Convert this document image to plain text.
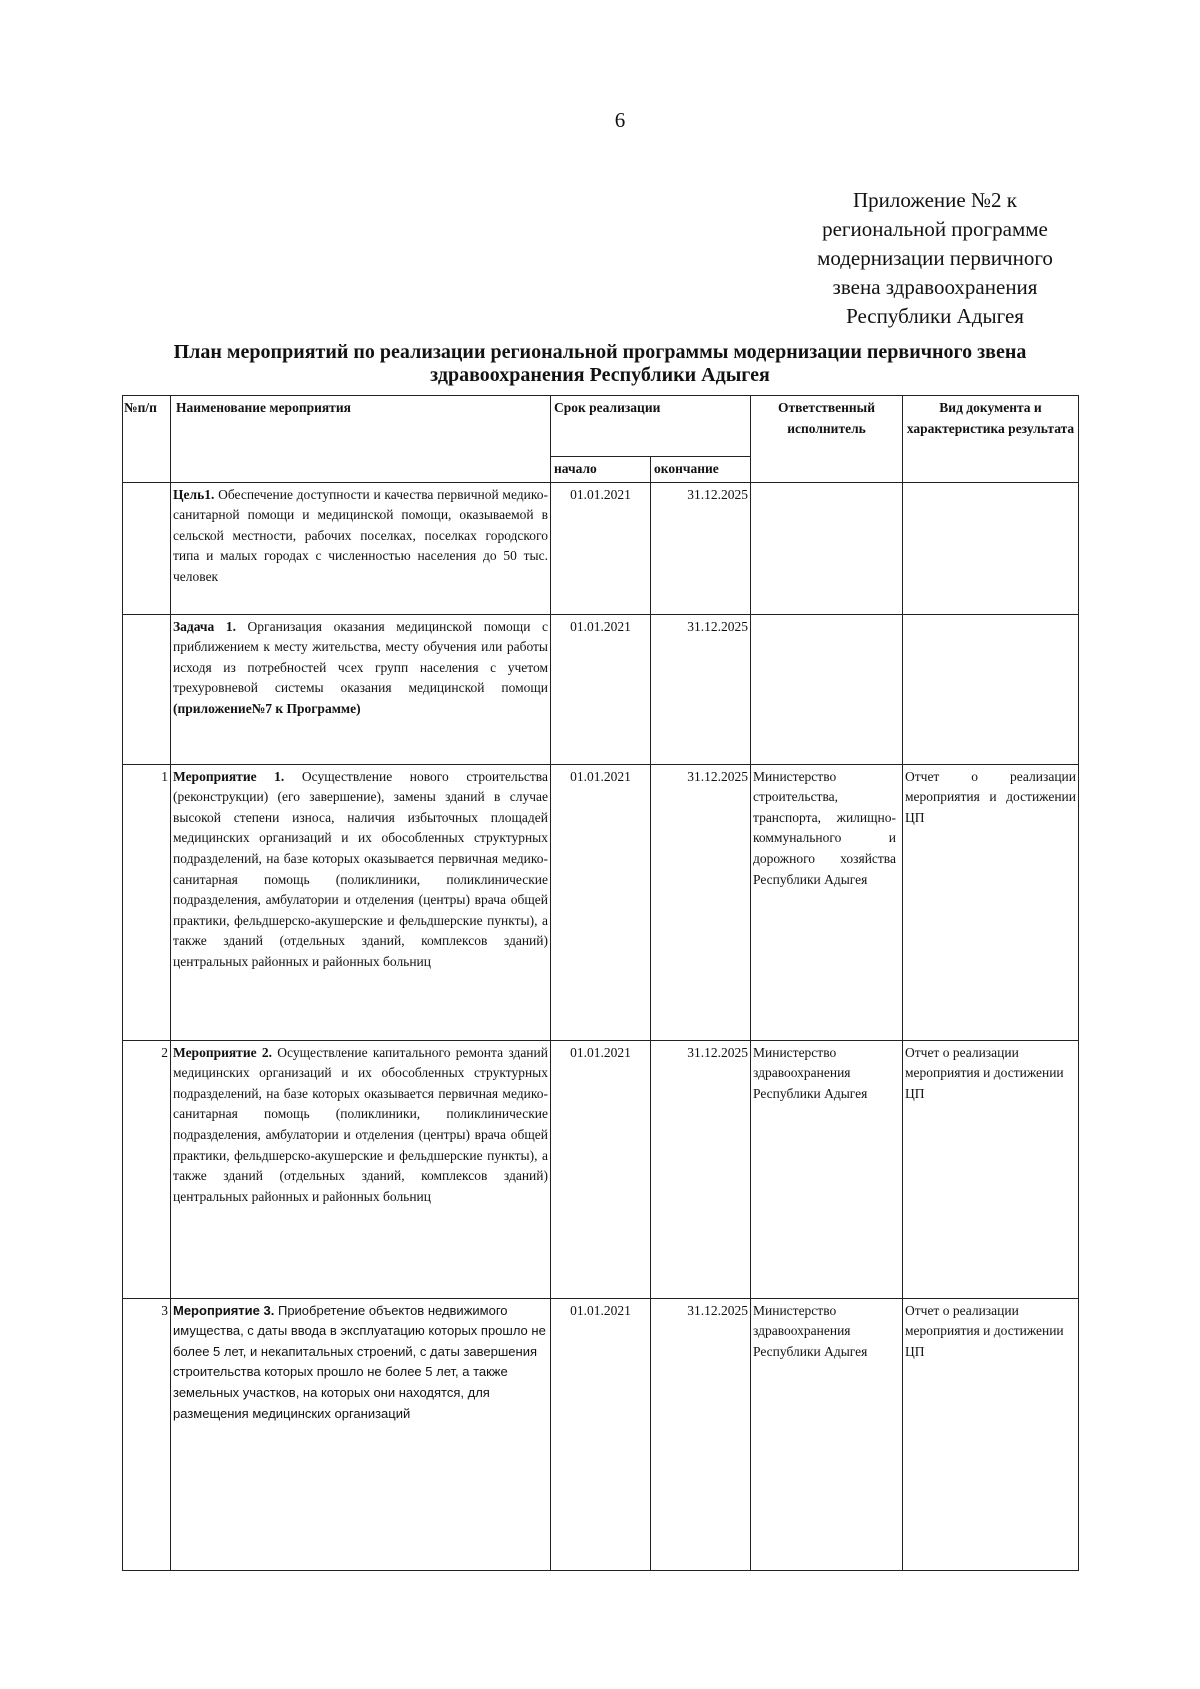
6
Приложение №2 к
региональной программе
модернизации первичного
звена здравоохранения
Республики Адыгея
План мероприятий по реализации региональной программы модернизации первичного звена
здравоохранения Республики Адыгея
№п/п	Наименование мероприятия	Срок реализации		Ответственный исполнитель	Вид документа и характеристика результата
		начало	окончание		
	Цель1. Обеспечение доступности и качества первичной медико-санитарной помощи и медицинской помощи, оказываемой в сельской местности, рабочих поселках, поселках городского типа и малых городах с численностью населения до 50 тыс. человек	01.01.2021	31.12.2025		
	Задача 1. Организация оказания медицинской помощи с приближением к месту жительства, месту обучения или работы исходя из потребностей чсех групп населения с учетом трехуровневой системы оказания медицинской помощи (приложение№7 к Программе)	01.01.2021	31.12.2025		
1	Мероприятие 1. Осуществление нового строительства (реконструкции) (его завершение), замены зданий в случае высокой степени износа, наличия избыточных площадей медицинских организаций и их обособленных структурных подразделений, на базе которых оказывается первичная медико-санитарная помощь (поликлиники, поликлинические подразделения, амбулатории и отделения (центры) врача общей практики, фельдшерско-акушерские и фельдшерские пункты), а также зданий (отдельных зданий, комплексов зданий) центральных районных и районных больниц	01.01.2021	31.12.2025	Министерство строительства, транспорта, жилищно-коммунального и дорожного хозяйства Республики Адыгея	Отчет о реализации мероприятия и достижении ЦП
2	Мероприятие 2. Осуществление капитального ремонта зданий медицинских организаций и их обособленных структурных подразделений, на базе которых оказывается первичная медико-санитарная помощь (поликлиники, поликлинические подразделения, амбулатории и отделения (центры) врача общей практики, фельдшерско-акушерские и фельдшерские пункты), а также зданий (отдельных зданий, комплексов зданий) центральных районных и районных больниц	01.01.2021	31.12.2025	Министерство здравоохранения Республики Адыгея	Отчет о реализации мероприятия и достижении ЦП
3	Мероприятие 3. Приобретение объектов недвижимого имущества, с даты ввода в эксплуатацию которых прошло не более 5 лет, и некапитальных строений, с даты завершения строительства которых прошло не более 5 лет, а также земельных участков, на которых они находятся, для размещения медицинских организаций	01.01.2021	31.12.2025	Министерство здравоохранения Республики Адыгея	Отчет о реализации мероприятия и достижении ЦП
